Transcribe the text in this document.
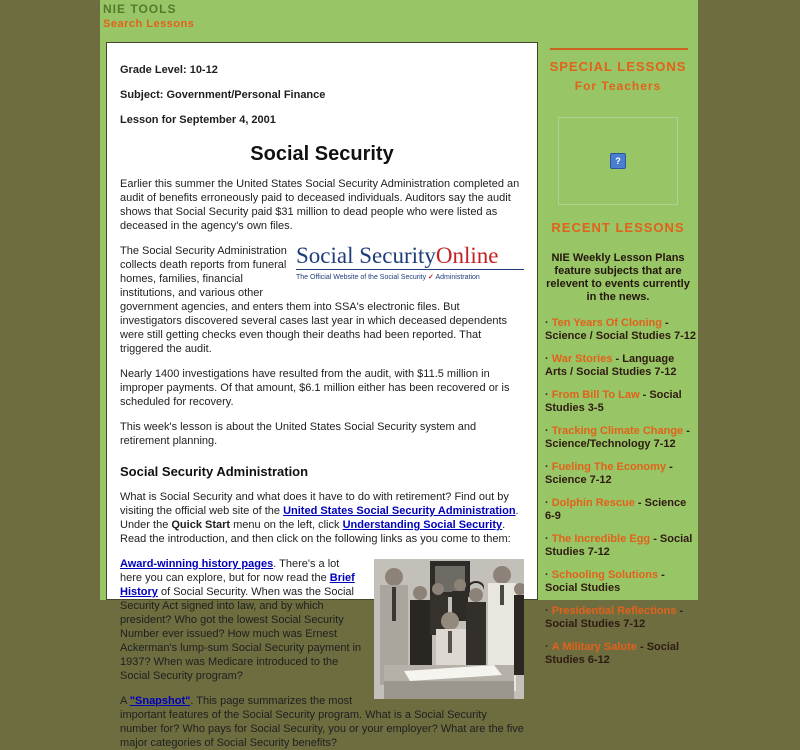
NIE TOOLS
Search Lessons

Grade Level: 10-12

Subject: Government/Personal Finance

Lesson for September 4, 2001

Social Security

Earlier this summer the United States Social Security Administration completed an audit of benefits erroneously paid to deceased individuals. Auditors say the audit shows that Social Security paid $31 million to dead people who were listed as deceased in the agency's own files.

Social SecurityOnline
The Official Website of the Social Security ✓ Administration
The Social Security Administration collects death reports from funeral homes, families, financial institutions, and various other government agencies, and enters them into SSA's electronic files. But investigators discovered several cases last year in which deceased dependents were still getting checks even though their deaths had been reported. That triggered the audit.

Nearly 1400 investigations have resulted from the audit, with $11.5 million in improper payments. Of that amount, $6.1 million either has been recovered or is scheduled for recovery.

This week's lesson is about the United States Social Security system and retirement planning.

Social Security Administration

What is Social Security and what does it have to do with retirement? Find out by visiting the official web site of the United States Social Security Administration. Under the Quick Start menu on the left, click Understanding Social Security. Read the introduction, and then click on the following links as you come to them:

Award-winning history pages. There's a lot here you can explore, but for now read the Brief History of Social Security. When was the Social Security Act signed into law, and by which president? Who got the lowest Social Security Number ever issued? How much was Ernest Ackerman's lump-sum Social Security payment in 1937? When was Medicare introduced to the Social Security program?

A "Snapshot". This page summarizes the most important features of the Social Security program. What is a Social Security number for? Who pays for Social Security, you or your employer? What are the five major categories of Social Security benefits?

SPECIAL LESSONS
For Teachers
?
RECENT LESSONS
NIE Weekly Lesson Plans feature subjects that are relevent to events currently in the news.
· Ten Years Of Cloning - Science / Social Studies 7-12
· War Stories - Language Arts / Social Studies 7-12
· From Bill To Law - Social Studies 3-5
· Tracking Climate Change - Science/Technology 7-12
· Fueling The Economy - Science 7-12
· Dolphin Rescue - Science 6-9
· The Incredible Egg - Social Studies 7-12
· Schooling Solutions - Social Studies
· Presidential Reflections - Social Studies 7-12
· A Military Salute - Social Studies 6-12
